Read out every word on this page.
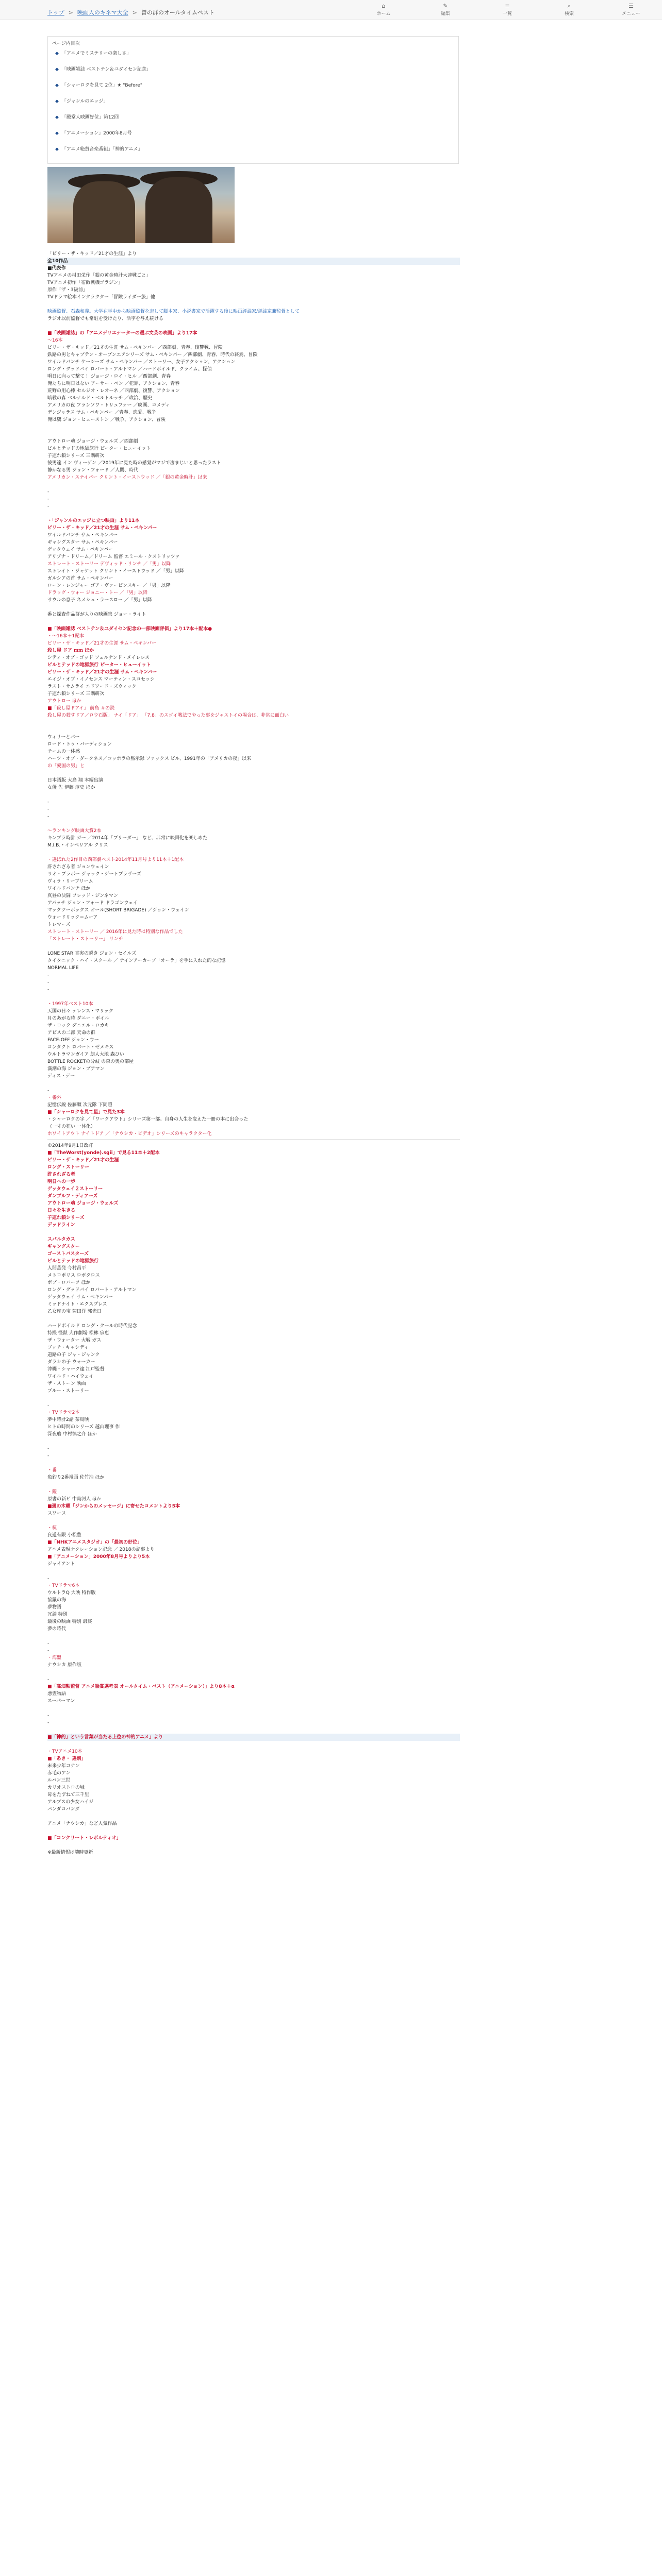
トップ > 映画人のキネマ大全 > 曽の群のオールタイムベスト
⌂
ホーム
✎
編集
≡
一覧
⌕
検索
☰
メニュー
ページ内目次
◆ 「アニメでミステリーの楽しさ」
◆ 「映画雑誌 ベストテン＆ユダイセン記念」
◆ 「シャーロクを見て 2位」★ "Before"
◆ 「ジャンルのエッジ」
◆ 「殿堂入映画好位」第12回
◆ 「アニメーション」2000年8月号
◆ 「アニメ絶賛音楽番組」「神的アニメ」
「ビリー・ザ・キッド／21才の生涯」より
全10作品
■代表作
TVアニメの村田栄作「銀の黄金時計大連戦ごと」
TVアニメ初作「宿敵戦機ゴラジン」
原作「ザ・3級前」
TVドラマ絵本インタラクター「冒険ライダー旅」他
映画監督、石森和義。大学在学中から映画監督を志して脚本家、小説書家で活躍する後に映画評論家/評論家兼監督として
ラジオ以前監督でも常駐を受けたり、活字を与え続ける
■「映画雑誌」の「アニメデリエテーターの選ぶ文芸の映画」より17本
～16本
ビリー・ザ・キッド／21才の生涯 サム・ペキンパー ／西部劇、青春、復讐戦、冒険
鉄路の男とキャプテン・オープンエアシリーズ サム・ペキンパー ／西部劇、青春、時代の終焉、冒険
ワイルドバンチ ケーシーズ サム・ペキンパー ／ストーリー、女子アクション、アクション
ロング・グッドバイ ロバート・アルトマン ／ハードボイルド、クライム、探偵
明日に向って撃て！ ジョージ・ロイ・ヒル ／西部劇、青春
俺たちに明日はない アーサー・ペン ／犯罪、アクション、青春
荒野の用心棒 セルジオ・レオーネ ／西部劇、復讐、アクション
暗殺の森 ベルナルド・ベルトルッチ ／政治、歴史
アメリカの夜 フランソワ・トリュフォー ／映画、コメディ
デンジャラス サム・ペキンパー ／青春、恋愛、戦争
俺は鷹 ジョン・ヒューストン ／戦争、アクション、冒険
アウトロー魂 ジョージ・ウェルズ ／西部劇
ビルとテッドの地獄旅行 ピーター・ヒューイット
子連れ狼シリーズ 三隅研次
彼男達 イン ヴィーゲン ／2019年に見た時の感覚がマジで凄まじいと思ったラスト
静かなる男 ジョン・フォード ／人間、時代
アメリカン・スナイパー クリント・イーストウッド ／「銀の黄金時計」以来
-
-
-
・「ジャンルのエッジに立つ映画」より11本
ビリー・ザ・キッド／21才の生涯 サム・ペキンパー
ワイルドバンチ サム・ペキンパー
ギャングスター サム・ペキンパー
ゲッタウェイ サム・ペキンパー
アリゾナ・ドリーム／ドリーム 監督 エミール・クストリッツァ
ストレート・ストーリー デヴィッド・リンチ ／「男」以降
ストレイト・ジャケット クリント・イーストウッド ／「男」以降
ガルシアの首 サム・ペキンパー
ローン・レンジャー ゴア・ヴァービンスキー ／「男」以降
ドラッグ・ウォー ジョニー・トー ／「男」以降
サウルの息子 ネメシュ・ラースロー ／「男」以降
番と探査作品群が入りの映画集 ジョー・ライト
■「映画雑誌 ベストテン＆ユダイセン記念の一部映画評価」より17本＋配本●
・～16本＋1配本
ビリー・ザ・キッド／21才の生涯 サム・ペキンパー
殺し屋 ドア ｍｍ ほか
シティ・オブ・ゴッド フェルナンド・メイレレス
ビルとテッドの地獄旅行 ピーター・ヒューイット
ビリー・ザ・キッド／21才の生涯 サム・ペキンパー
エイジ・オブ・イノセンス マーティン・スコセッシ
ラスト・サムライ エドワード・ズウィック
子連れ狼シリーズ 三隅研次
アウトロー ほか
■「殺し屋ドアイ」 前島 ＃の読
殺し屋の殺すドア／ロウ石版」 ナイ「ドア」 「7.8」のスゴイ戦法でやった事をジャストイの場合は、非常に面白い
ウィリーとパー
ロード・トゥ・パーディション
チームの一体感
ハーツ・オブ・ダークネス／コッポラの黙示録 ファックス ビル、1991年の「アメリカの夜」以来
の「愛国の男」と
日本語版 大島 翔 本編出演
女優 佐 伊藤 淳史 ほか
-
-
-
～ランキング映画大賞2本
キンブラ時計 ガー ／2014年「ブリーダー」 など、非常に映画化を楽しめた
M.I.B.・インペリアル クリス
・選ばれた2作目の西部劇ベスト2014年11月号より11本＋1配本
許されざる者 ジョンウェイン
リオ・ブラボー ジャック・ゲートブラザーズ
ヴィラ・リーブリーム
ワイルドバンチ ほか
真昼の決闘 フレッド・ジンネマン
アパッチ ジョン・フォード ドラゴンウェイ
マックツーボックス オール(SHORT BRIGADE) ／ジョン・ウェイン
ウォードリック＝ムーア
トレマーズ
ストレート・ストーリー ／ 2016年に見た時は特別な作品でした
「ストレート・ストーリー」 リンチ
LONE STAR 真実の瞬き ジョン・セイルズ
タイタニック・ハイ・スクール ／ ナインアーカーブ「オーラ」を手に入れた的な記憶
NORMAL LIFE
-
-
-
・1997年ベスト10本
天国の日々 テレンス・マリック
月のあがる時 ダニー・ボイル
ザ・ロック ダニエル・ロカキ
アビスの二部 天命の群
FACE-OFF ジョン・ウー
コンタクト ロバート・ゼメキス
ウルトラマンガイア 朗人大地 森ひい
BOTTLE ROCKETの分岐 の森の奥の部屋
満潮の海 ジョン・ブアマン
ディス・デー
-
・番外
記憶伝説 佐藤順 次元隊 下岡照
■「シャーロクを見て星」で見た3本
・シャーロクの字 ／「ワークアウト」シリーズ第一部。自身の人生を変えた一冊の本に出会った
（一寸の狂い 一体化）
ホワイトアウト ナイトドア ／「ナウシカ・ビデオ」シリーズのキャラクター化
©2014年9月1日改訂
■「TheWorst(yonde).sgii」で見る11本＋2配本
ビリー・ザ・キッド／21才の生涯
ロング・ストーリー
許されざる者
明日への一歩
ゲッタウェイ２ストーリー
ダンブルフ・ディアーズ
アウトロー魂 ジョージ・ウェルズ
日々を生きる
子連れ狼シリーズ
デッドライン
スパルタカス
ギャングスター
ゴーストバスターズ
ビルとテッドの地獄旅行
人間蒸発 今村昌平
メトロポリス ロボタロス
ボブ・ロバーツ ほか
ロング・グッドバイ ロバート・アルトマン
ゲッタウェイ サム・ペキンパー
ミッドナイト・エクスプレス
乙女座の宝 菊田洋 郭光日
ハードボイルド ロング・クールの時代記念
特撮 怪獣 大作劇場 松林 宗恵
ザ・ウォーター 大戦 ガス
ブッチ・キャシディ
道路の子 ジャ・ジャンク
ダラシの子 ウォーカー
沖縄・シャーク達 江戸監督
ワイルド・ハイウェイ
ザ・ストーン 映画
ブルー・ストーリー
-
・TVドラマ2本
夢中時計2話 茶鳥映
ヒトの時間のシリーズ 越山理事 作
深夜船 中村慎之介 ほか
-
-
・番
魚釣り2番漫画 佐竹浩 ほか
・鑑
原書の新ビ 中島河人 ほか
■週の木曜「ジンからのメッセージ」に寄せたコメントより5本
スワーヌ
・杭
良道有限 小松豊
■「NHKアニメスタジオ」の「最初の好位」
アニメ表現ナクレーション記念 ／ 2018の記事より
■「アニメーション」2000年8月号よりより5本
ジャイアント
-
・TVドラマ6本
ウルトラQ 大映 特作版
協議の海
夢物語
冗談 特別
最後の映画 特別 最終
夢の時代
-
-
・海盟
ナウシカ 原作版
-
■「高畑勲監督 アニメ絵賞選考表 オールタイム・ベスト（アニメーション）」より8本＋α
悪霊物語
スーパーマン
-
-
■「神的」という言葉が当たる上位の神的アニメ」より
・TVアニメ10本
■「あき・ 選別」
未来少年コナン
赤毛のアン
ルパン三世
カリオストロの城
母をたずねて三千里
アルプスの少女ハイジ
パンダコパンダ
アニメ「ナウシカ」など人気作品
■「コンクリート・レボルティオ」
※最新情報は随時更新
